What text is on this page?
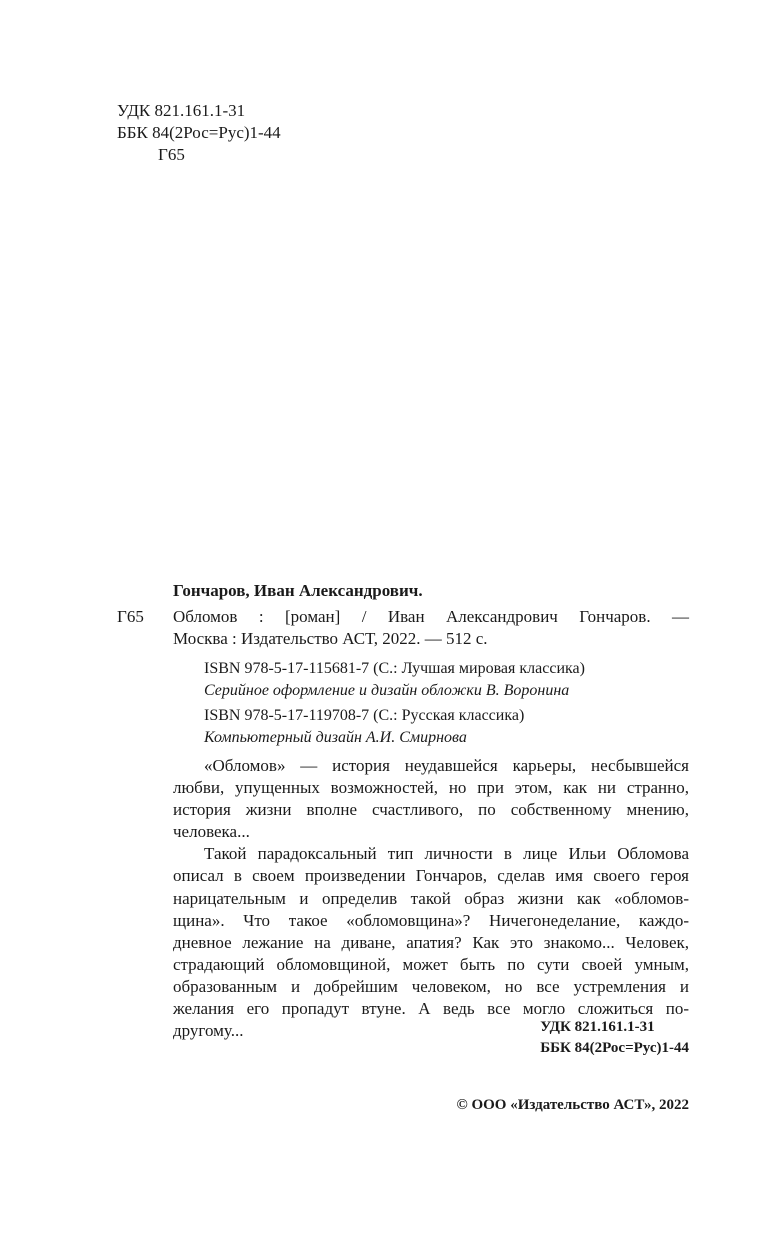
УДК 821.161.1-31
ББК 84(2Рос=Рус)1-44
Г65
Гончаров, Иван Александрович.
Г65 Обломов : [роман] / Иван Александрович Гончаров. —
Москва : Издательство АСТ, 2022. — 512 с.
ISBN 978-5-17-115681-7 (С.: Лучшая мировая классика)
Серийное оформление и дизайн обложки В. Воронина
ISBN 978-5-17-119708-7 (С.: Русская классика)
Компьютерный дизайн А.И. Смирнова

«Обломов» — история неудавшейся карьеры, несбывшейся
любви, упущенных возможностей, но при этом, как ни странно,
история жизни вполне счастливого, по собственному мнению,
человека...

Такой парадоксальный тип личности в лице Ильи Обломова
описал в своем произведении Гончаров, сделав имя своего героя
нарицательным и определив такой образ жизни как «обломов-
щина». Что такое «обломовщина»? Ничегонеделание, каждо-
дневное лежание на диване, апатия? Как это знакомо... Человек,
страдающий обломовщиной, может быть по сути своей умным,
образованным и добрейшим человеком, но все устремления и
желания его пропадут втуне. А ведь все могло сложиться по-
другому...	УДК 821.161.1-31
ББК 84(2Рос=Рус)1-44
© ООО «Издательство АСТ», 2022
